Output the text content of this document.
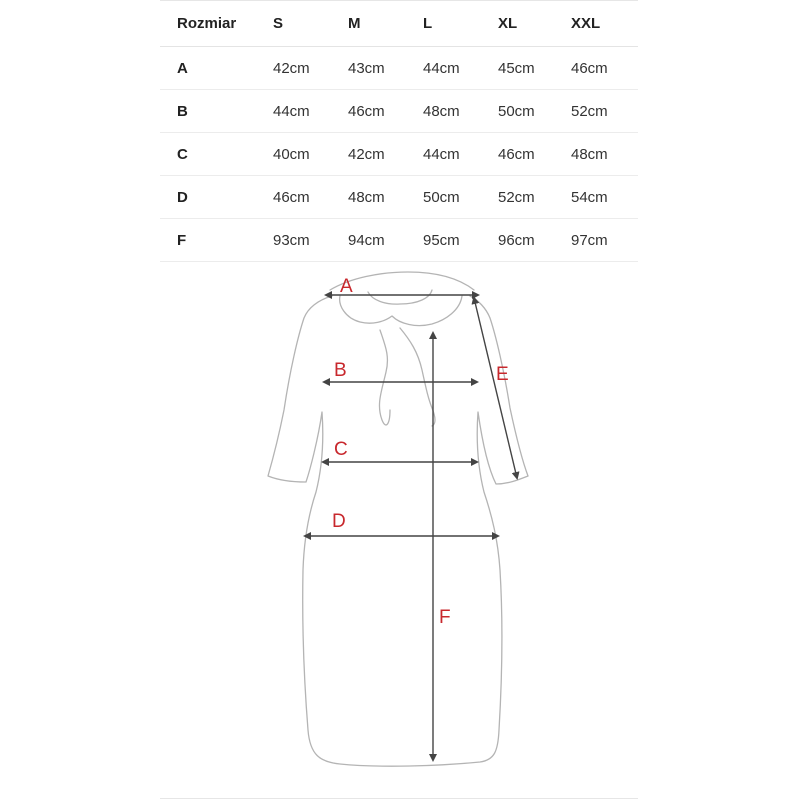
Rozmiar	S	M	L	XL	XXL
A	42cm	43cm	44cm	45cm	46cm
B	44cm	46cm	48cm	50cm	52cm
C	40cm	42cm	44cm	46cm	48cm
D	46cm	48cm	50cm	52cm	54cm
F	93cm	94cm	95cm	96cm	97cm
A
B
C
D
E
F
